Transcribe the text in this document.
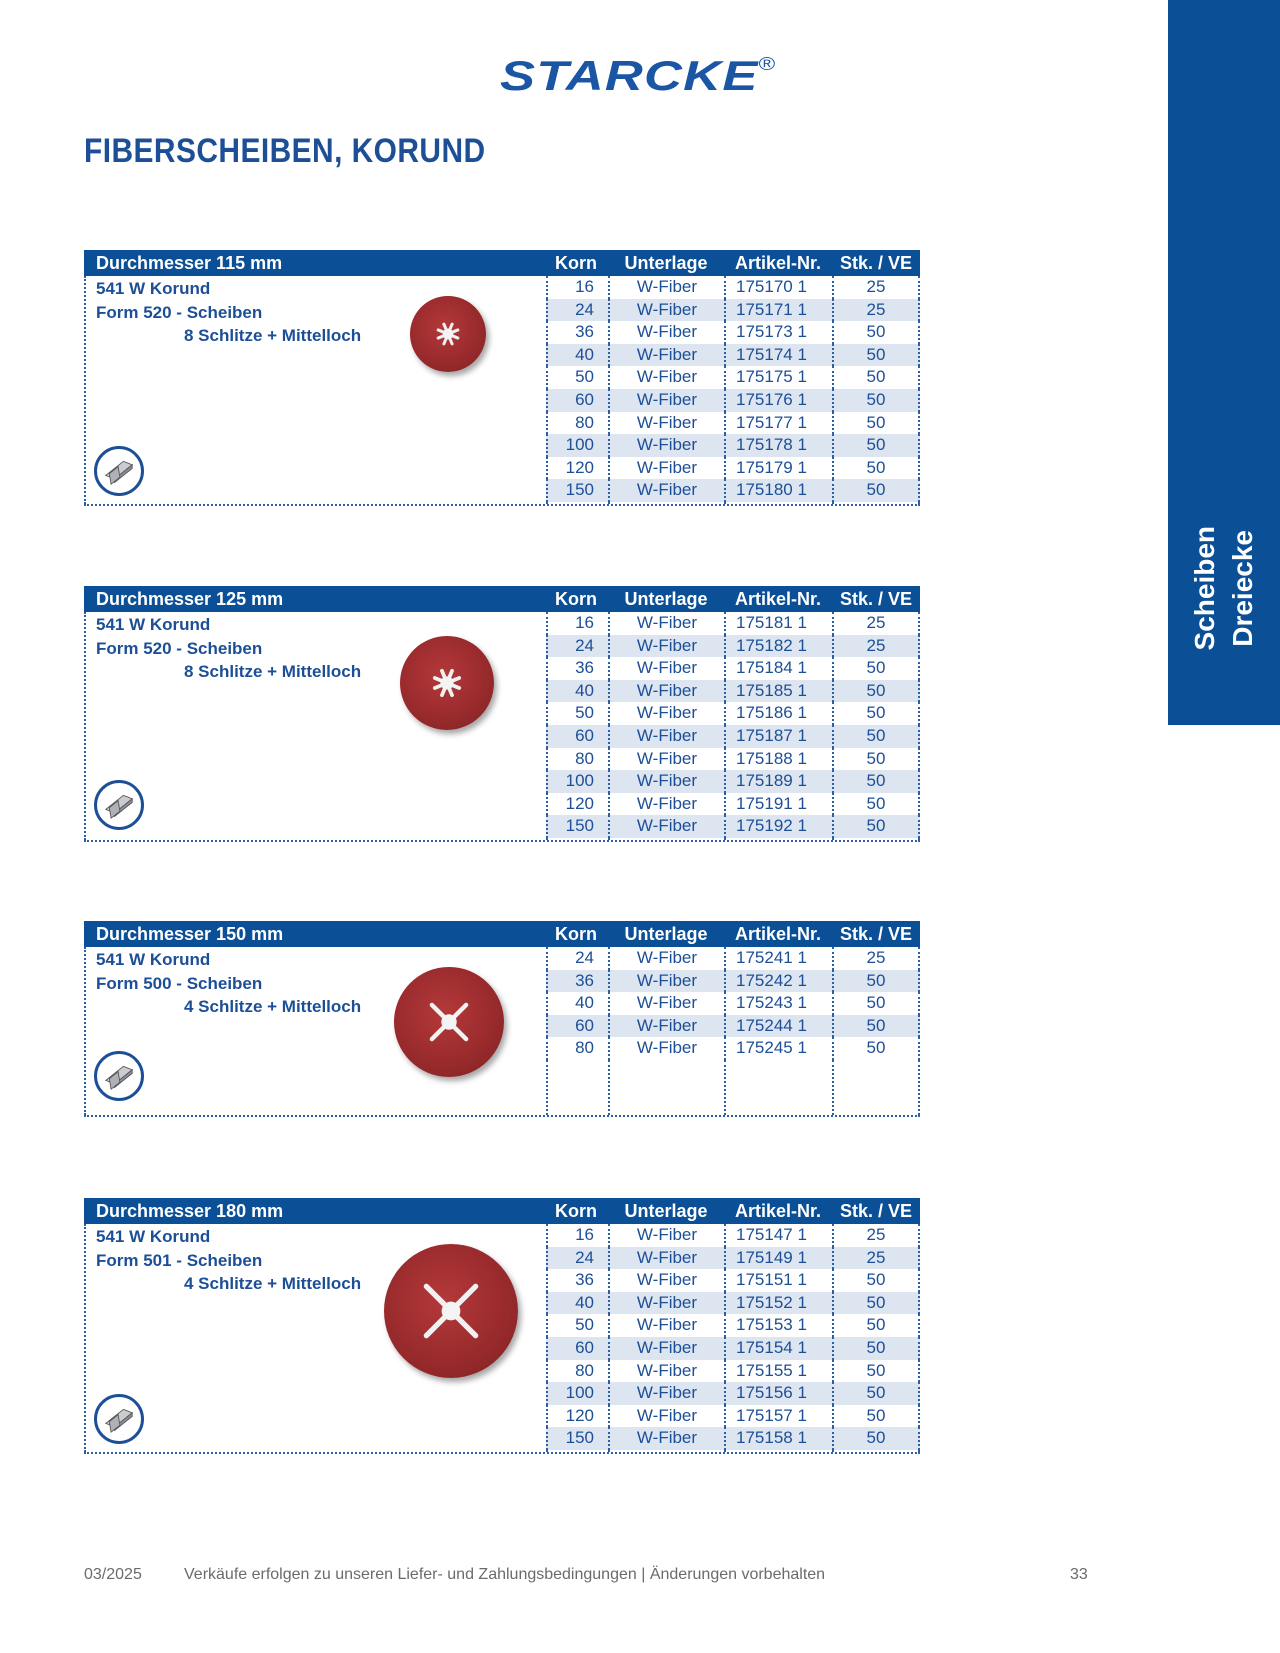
STARCKE®
FIBERSCHEIBEN, KORUND
Scheiben Dreiecke
Durchmesser 115 mm	Korn	Unterlage	Artikel-Nr.	Stk. / VE
541 W Korund
Form 520 - Scheiben
8 Schlitze + Mittelloch
16	W-Fiber	175170 1	25
24	W-Fiber	175171 1	25
36	W-Fiber	175173 1	50
40	W-Fiber	175174 1	50
50	W-Fiber	175175 1	50
60	W-Fiber	175176 1	50
80	W-Fiber	175177 1	50
100	W-Fiber	175178 1	50
120	W-Fiber	175179 1	50
150	W-Fiber	175180 1	50
Durchmesser 125 mm	Korn	Unterlage	Artikel-Nr.	Stk. / VE
541 W Korund
Form 520 - Scheiben
8 Schlitze + Mittelloch
16	W-Fiber	175181 1	25
24	W-Fiber	175182 1	25
36	W-Fiber	175184 1	50
40	W-Fiber	175185 1	50
50	W-Fiber	175186 1	50
60	W-Fiber	175187 1	50
80	W-Fiber	175188 1	50
100	W-Fiber	175189 1	50
120	W-Fiber	175191 1	50
150	W-Fiber	175192 1	50
Durchmesser 150 mm	Korn	Unterlage	Artikel-Nr.	Stk. / VE
541 W Korund
Form 500 - Scheiben
4 Schlitze + Mittelloch
24	W-Fiber	175241 1	25
36	W-Fiber	175242 1	50
40	W-Fiber	175243 1	50
60	W-Fiber	175244 1	50
80	W-Fiber	175245 1	50
Durchmesser 180 mm	Korn	Unterlage	Artikel-Nr.	Stk. / VE
541 W Korund
Form 501 - Scheiben
4 Schlitze + Mittelloch
16	W-Fiber	175147 1	25
24	W-Fiber	175149 1	25
36	W-Fiber	175151 1	50
40	W-Fiber	175152 1	50
50	W-Fiber	175153 1	50
60	W-Fiber	175154 1	50
80	W-Fiber	175155 1	50
100	W-Fiber	175156 1	50
120	W-Fiber	175157 1	50
150	W-Fiber	175158 1	50
03/2025	Verkäufe erfolgen zu unseren Liefer- und Zahlungsbedingungen | Änderungen vorbehalten	33
